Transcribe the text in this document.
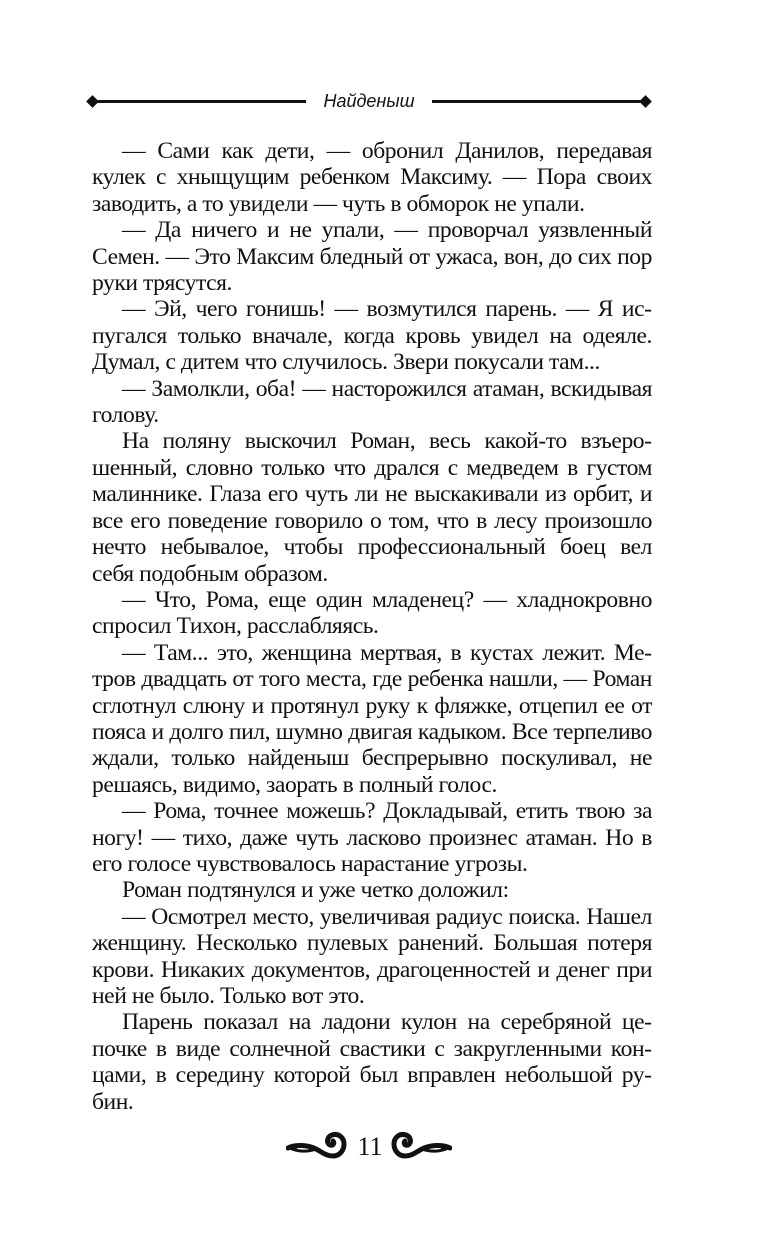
Найденыш

— Сами как дети, — обронил Данилов, передавая кулек с хныщущим ребенком Максиму. — Пора своих заводить, а то увидели — чуть в обморок не упали.

— Да ничего и не упали, — проворчал уязвленный Семен. — Это Максим бледный от ужаса, вон, до сих пор руки трясутся.

— Эй, чего гонишь! — возмутился парень. — Я испугался только вначале, когда кровь увидел на одеяле. Думал, с дитем что случилось. Звери покусали там...

— Замолкли, оба! — насторожился атаман, вскидывая голову.

На поляну выскочил Роман, весь какой-то взъерошенный, словно только что дрался с медведем в густом малиннике. Глаза его чуть ли не выскакивали из орбит, и все его поведение говорило о том, что в лесу произошло нечто небывалое, чтобы профессиональный боец вел себя подобным образом.

— Что, Рома, еще один младенец? — хладнокровно спросил Тихон, расслабляясь.

— Там... это, женщина мертвая, в кустах лежит. Метров двадцать от того места, где ребенка нашли, — Роман сглотнул слюну и протянул руку к фляжке, отцепил ее от пояса и долго пил, шумно двигая кадыком. Все терпеливо ждали, только найденыш беспрерывно поскуливал, не решаясь, видимо, заорать в полный голос.

— Рома, точнее можешь? Докладывай, етить твою за ногу! — тихо, даже чуть ласково произнес атаман. Но в его голосе чувствовалось нарастание угрозы.

Роман подтянулся и уже четко доложил:

— Осмотрел место, увеличивая радиус поиска. Нашел женщину. Несколько пулевых ранений. Большая потеря крови. Никаких документов, драгоценностей и денег при ней не было. Только вот это.

Парень показал на ладони кулон на серебряной цепочке в виде солнечной свастики с закругленными концами, в середину которой был вправлен небольшой рубин.

11
